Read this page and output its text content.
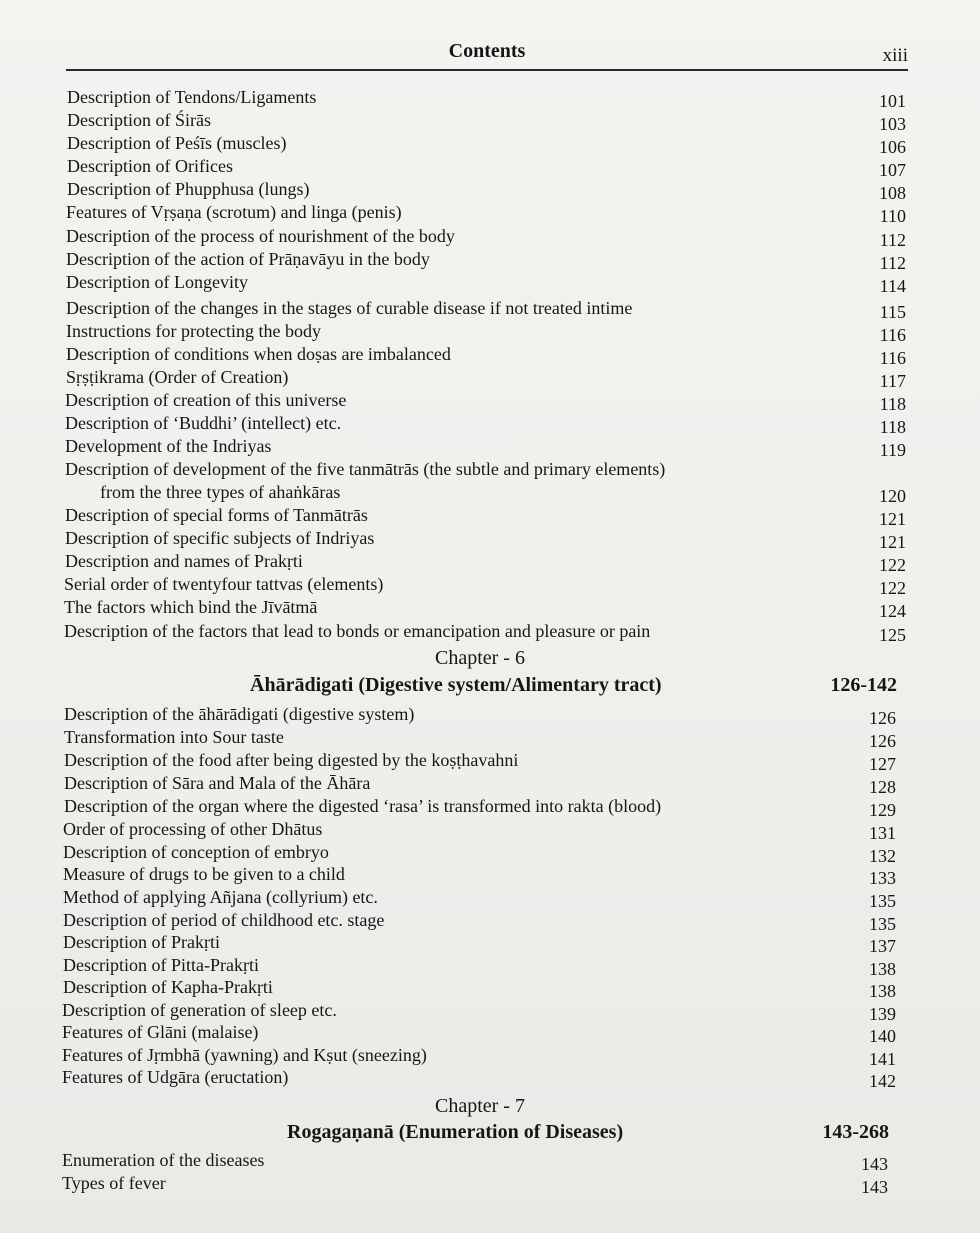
Contents	xiii
Description of Tendons/Ligaments	101
Description of Śirās	103
Description of Peśīs (muscles)	106
Description of Orifices	107
Description of Phupphusa (lungs)	108
Features of Vṛṣaṇa (scrotum) and linga (penis)	110
Description of the process of nourishment of the body	112
Description of the action of Prāṇavāyu in the body	112
Description of Longevity	114
Description of the changes in the stages of curable disease if not treated intime	115
Instructions for protecting the body	116
Description of conditions when doṣas are imbalanced	116
Sṛṣṭikrama (Order of Creation)	117
Description of creation of this universe	118
Description of ‘Buddhi’ (intellect) etc.	118
Development of the Indriyas	119
Description of development of the five tanmātrās (the subtle and primary elements)
from the three types of ahaṅkāras	120
Description of special forms of Tanmātrās	121
Description of specific subjects of Indriyas	121
Description and names of Prakṛti	122
Serial order of twentyfour tattvas (elements)	122
The factors which bind the Jīvātmā	124
Description of the factors that lead to bonds or emancipation and pleasure or pain	125
Chapter - 6
Āhārādigati (Digestive system/Alimentary tract)	126-142
Description of the āhārādigati (digestive system)	126
Transformation into Sour taste	126
Description of the food after being digested by the koṣṭhavahni	127
Description of Sāra and Mala of the Āhāra	128
Description of the organ where the digested ‘rasa’ is transformed into rakta (blood)	129
Order of processing of other Dhātus	131
Description of conception of embryo	132
Measure of drugs to be given to a child	133
Method of applying Añjana (collyrium) etc.	135
Description of period of childhood etc. stage	135
Description of Prakṛti	137
Description of Pitta-Prakṛti	138
Description of Kapha-Prakṛti	138
Description of generation of sleep etc.	139
Features of Glāni (malaise)	140
Features of Jṛmbhā (yawning) and Kṣut (sneezing)	141
Features of Udgāra (eructation)	142
Chapter - 7
Rogagaṇanā (Enumeration of Diseases)	143-268
Enumeration of the diseases	143
Types of fever	143
